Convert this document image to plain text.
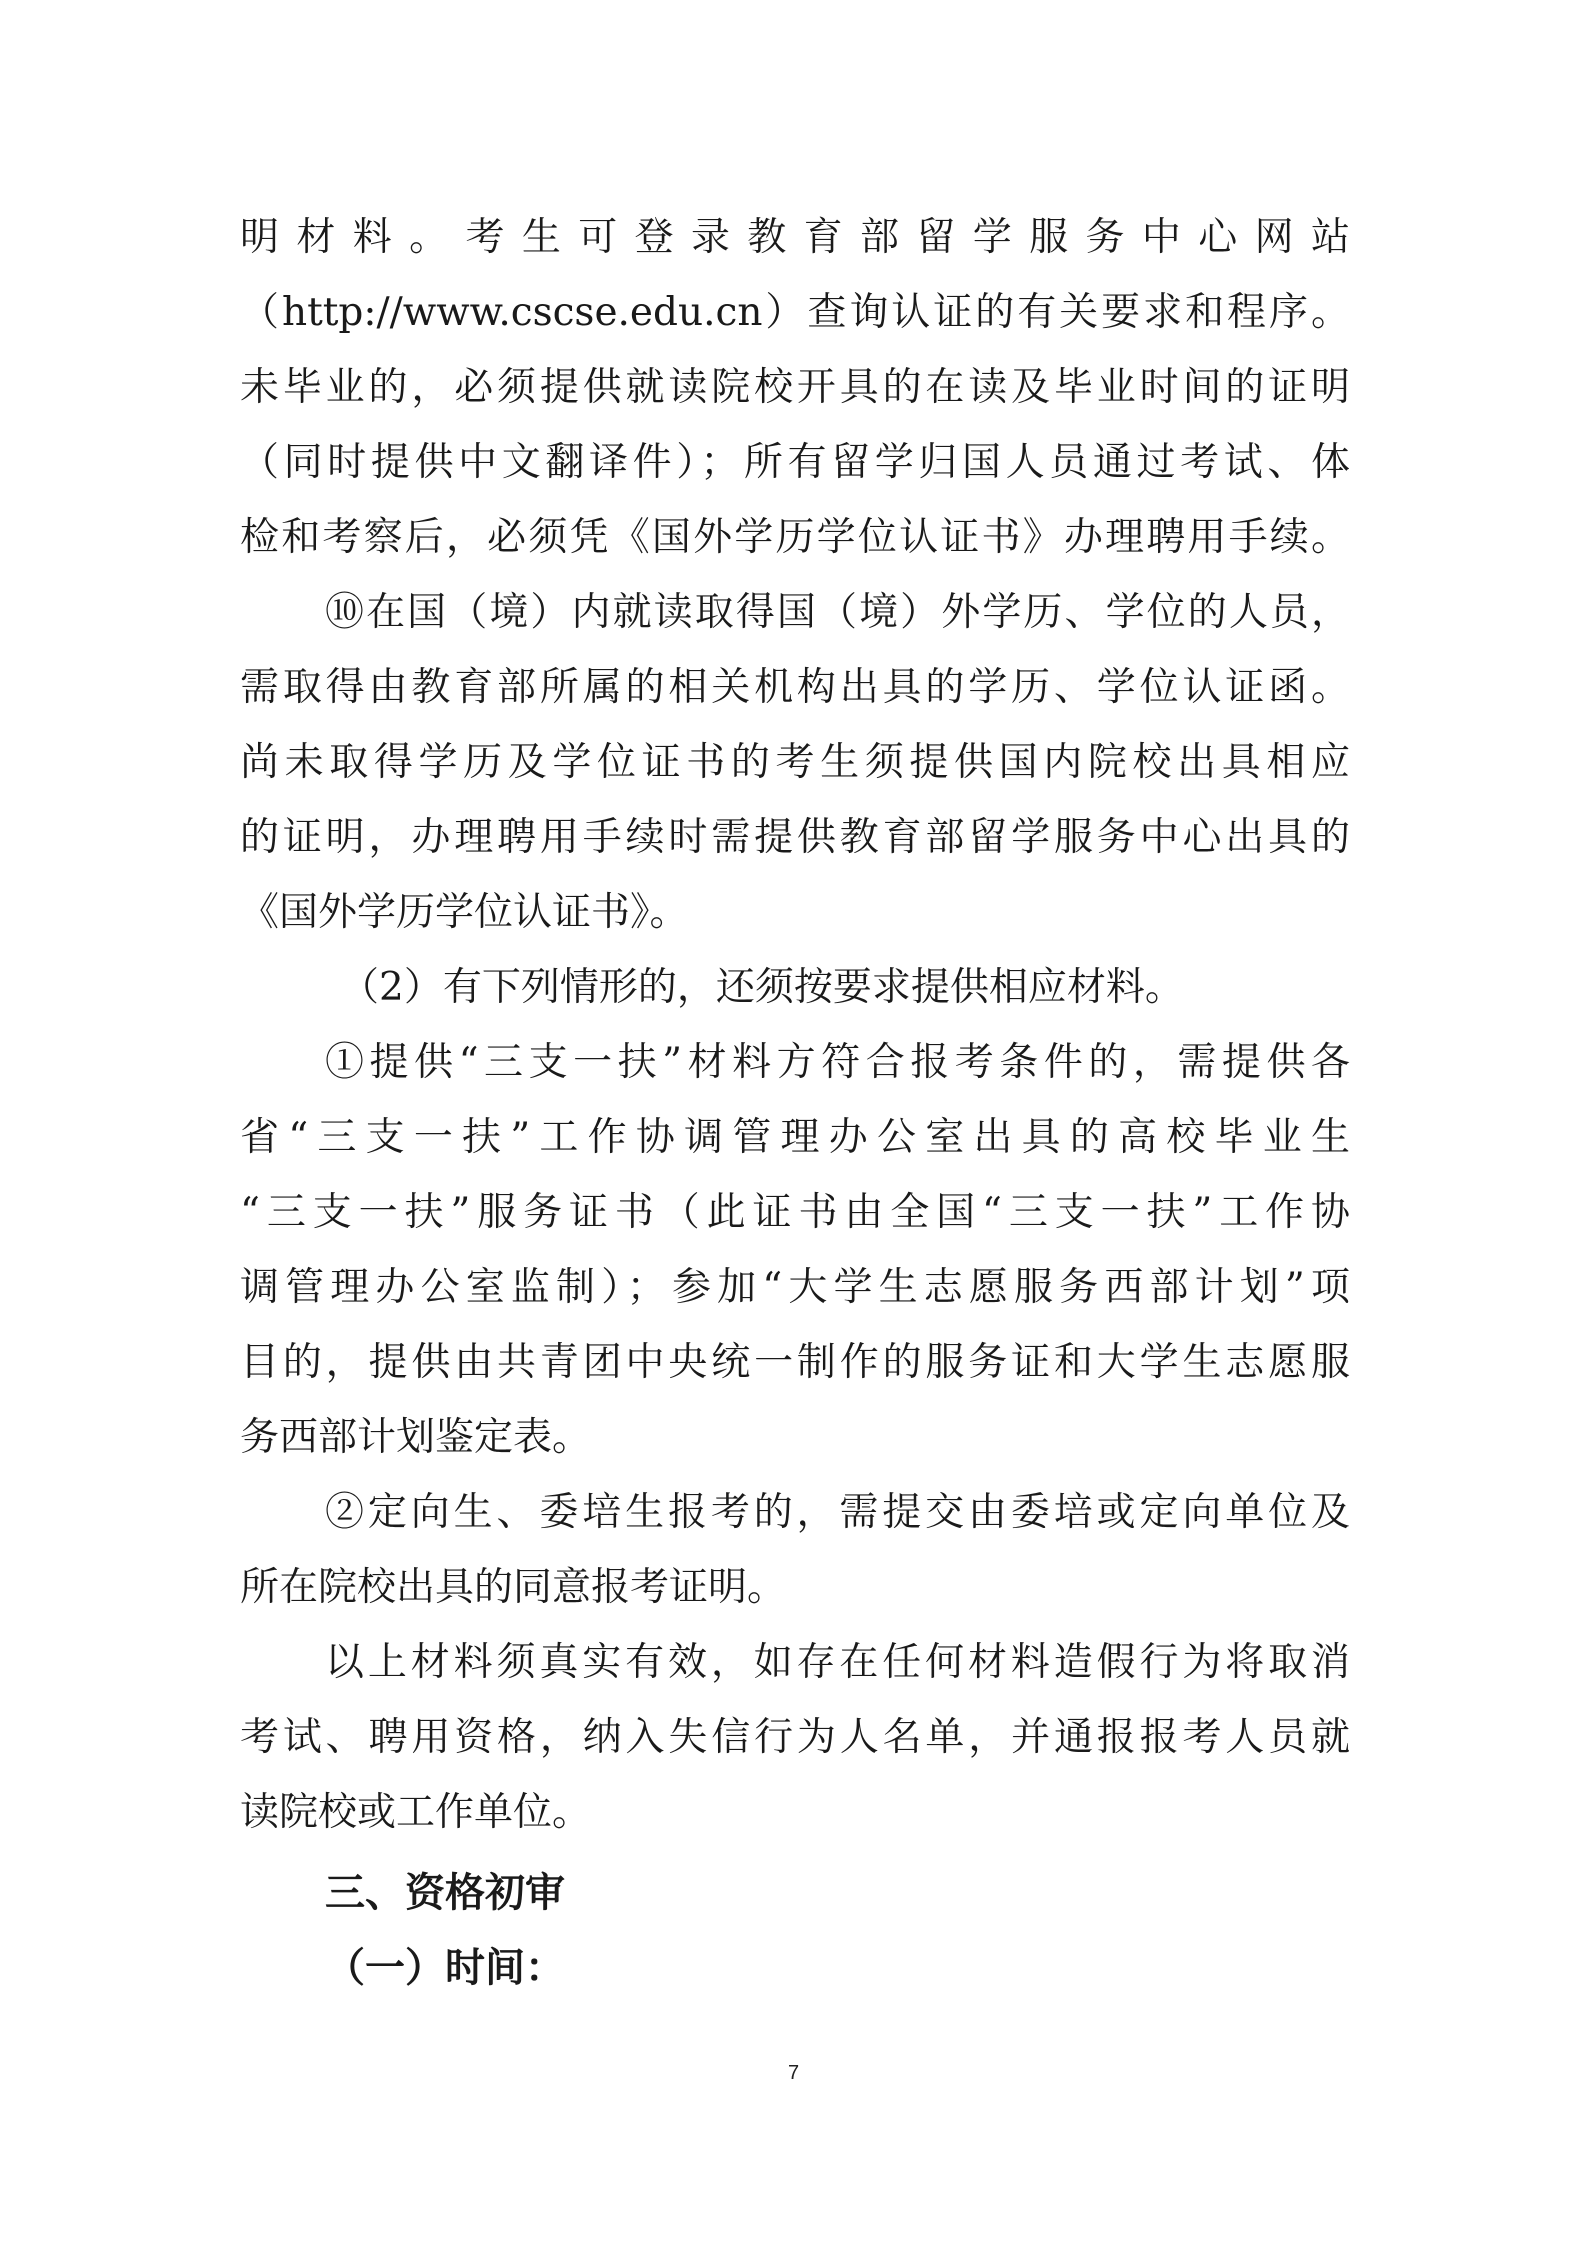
明材料。考生可登录教育部留学服务中心网站
（http://www.cscse.edu.cn）查询认证的有关要求和程序。
未毕业的，必须提供就读院校开具的在读及毕业时间的证明
（同时提供中文翻译件）；所有留学归国人员通过考试、体
检和考察后，必须凭《国外学历学位认证书》办理聘用手续。
⑩在国（境）内就读取得国（境）外学历、学位的人员，
需取得由教育部所属的相关机构出具的学历、学位认证函。
尚未取得学历及学位证书的考生须提供国内院校出具相应
的证明，办理聘用手续时需提供教育部留学服务中心出具的
《国外学历学位认证书》。
（2）有下列情形的，还须按要求提供相应材料。
①提供“三支一扶”材料方符合报考条件的，需提供各
省“三支一扶”工作协调管理办公室出具的高校毕业生
“三支一扶”服务证书（此证书由全国“三支一扶”工作协
调管理办公室监制）；参加“大学生志愿服务西部计划”项
目的，提供由共青团中央统一制作的服务证和大学生志愿服
务西部计划鉴定表。
②定向生、委培生报考的，需提交由委培或定向单位及
所在院校出具的同意报考证明。
以上材料须真实有效，如存在任何材料造假行为将取消
考试、聘用资格，纳入失信行为人名单，并通报报考人员就
读院校或工作单位。
三、资格初审
（一）时间：
7
